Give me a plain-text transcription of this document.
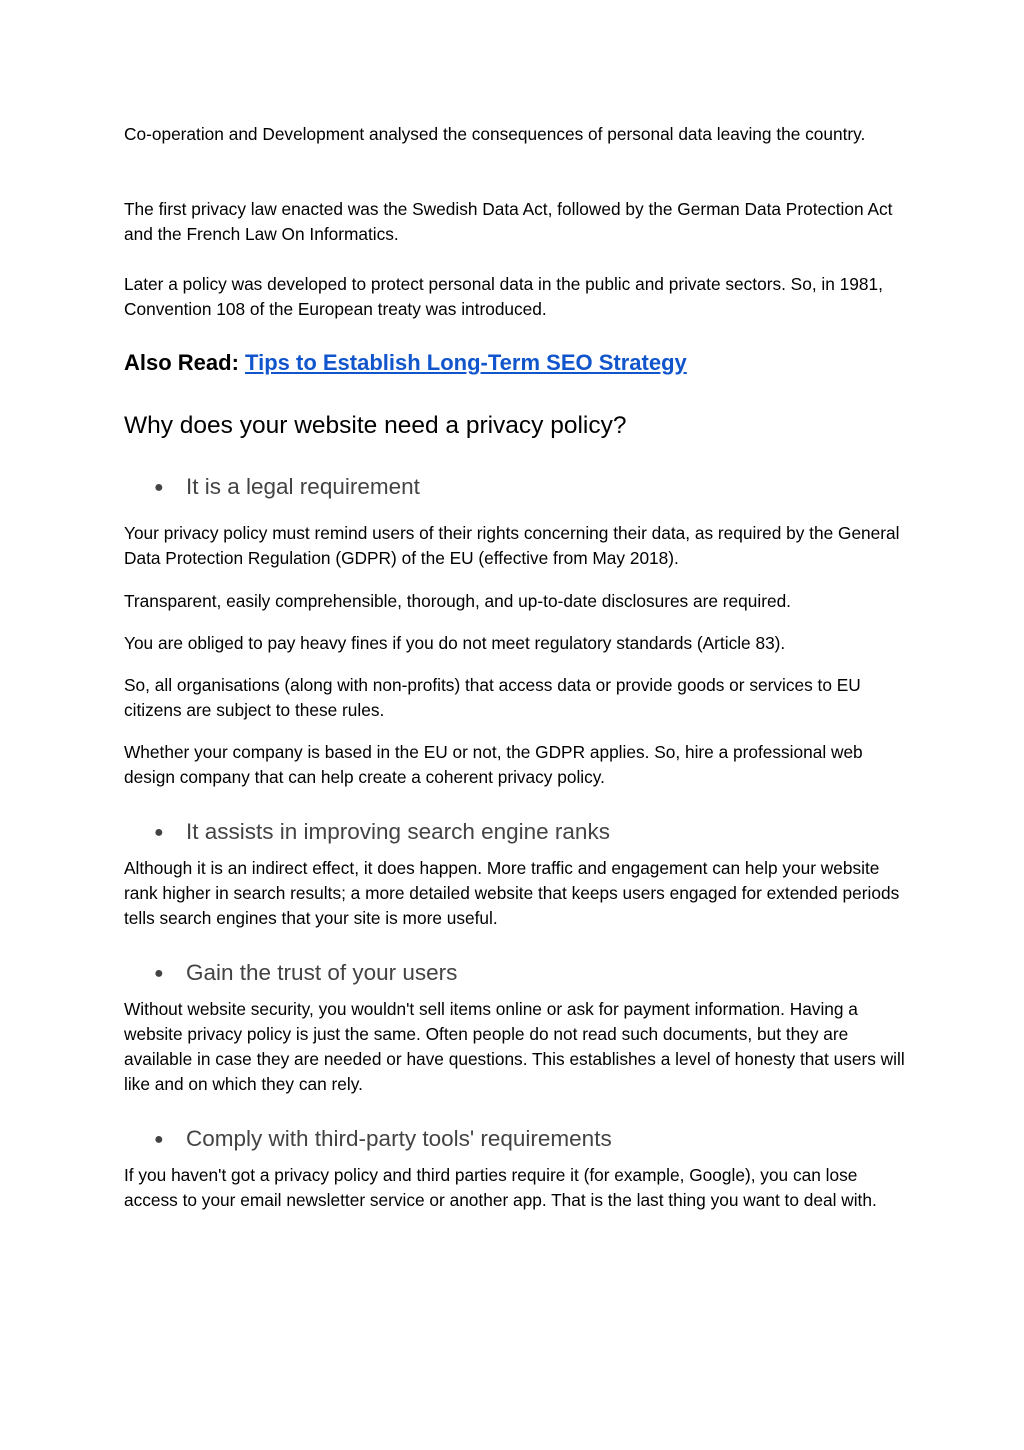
Co-operation and Development analysed the consequences of personal data leaving the country.

The first privacy law enacted was the Swedish Data Act, followed by the German Data Protection Act and the French Law On Informatics.

Later a policy was developed to protect personal data in the public and private sectors. So, in 1981, Convention 108 of the European treaty was introduced.

Also Read: Tips to Establish Long-Term SEO Strategy
Why does your website need a privacy policy?
● It is a legal requirement

Your privacy policy must remind users of their rights concerning their data, as required by the General Data Protection Regulation (GDPR) of the EU (effective from May 2018).

Transparent, easily comprehensible, thorough, and up-to-date disclosures are required.

You are obliged to pay heavy fines if you do not meet regulatory standards (Article 83).

So, all organisations (along with non-profits) that access data or provide goods or services to EU citizens are subject to these rules.

Whether your company is based in the EU or not, the GDPR applies. So, hire a professional web design company that can help create a coherent privacy policy.

● It assists in improving search engine ranks

Although it is an indirect effect, it does happen. More traffic and engagement can help your website rank higher in search results; a more detailed website that keeps users engaged for extended periods tells search engines that your site is more useful.

● Gain the trust of your users

Without website security, you wouldn't sell items online or ask for payment information. Having a website privacy policy is just the same. Often people do not read such documents, but they are available in case they are needed or have questions. This establishes a level of honesty that users will like and on which they can rely.

● Comply with third-party tools' requirements

If you haven't got a privacy policy and third parties require it (for example, Google), you can lose access to your email newsletter service or another app. That is the last thing you want to deal with.
